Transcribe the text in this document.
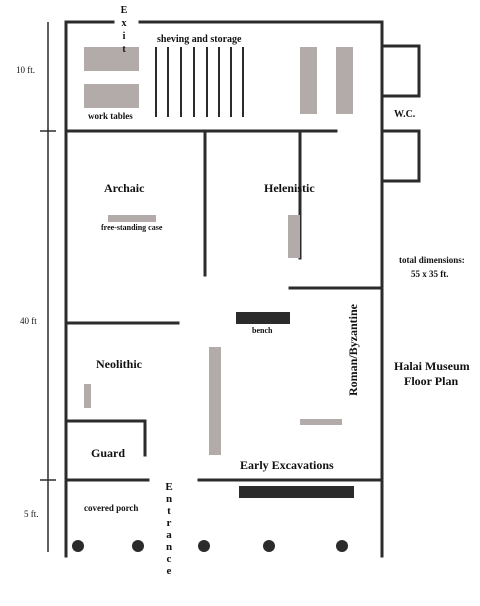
E
x
i
t
sheving and storage
work tables	W.C.
Archaic
free-standing case
Helenistic
total dimensions:
55 x 35 ft.
Neolithic
bench	Roman/Byzantine	Halai Museum
Floor Plan
Guard
Early Excavations
covered porch
E
n
t
r
a
n
c
e
10 ft.
40 ft
5 ft.
